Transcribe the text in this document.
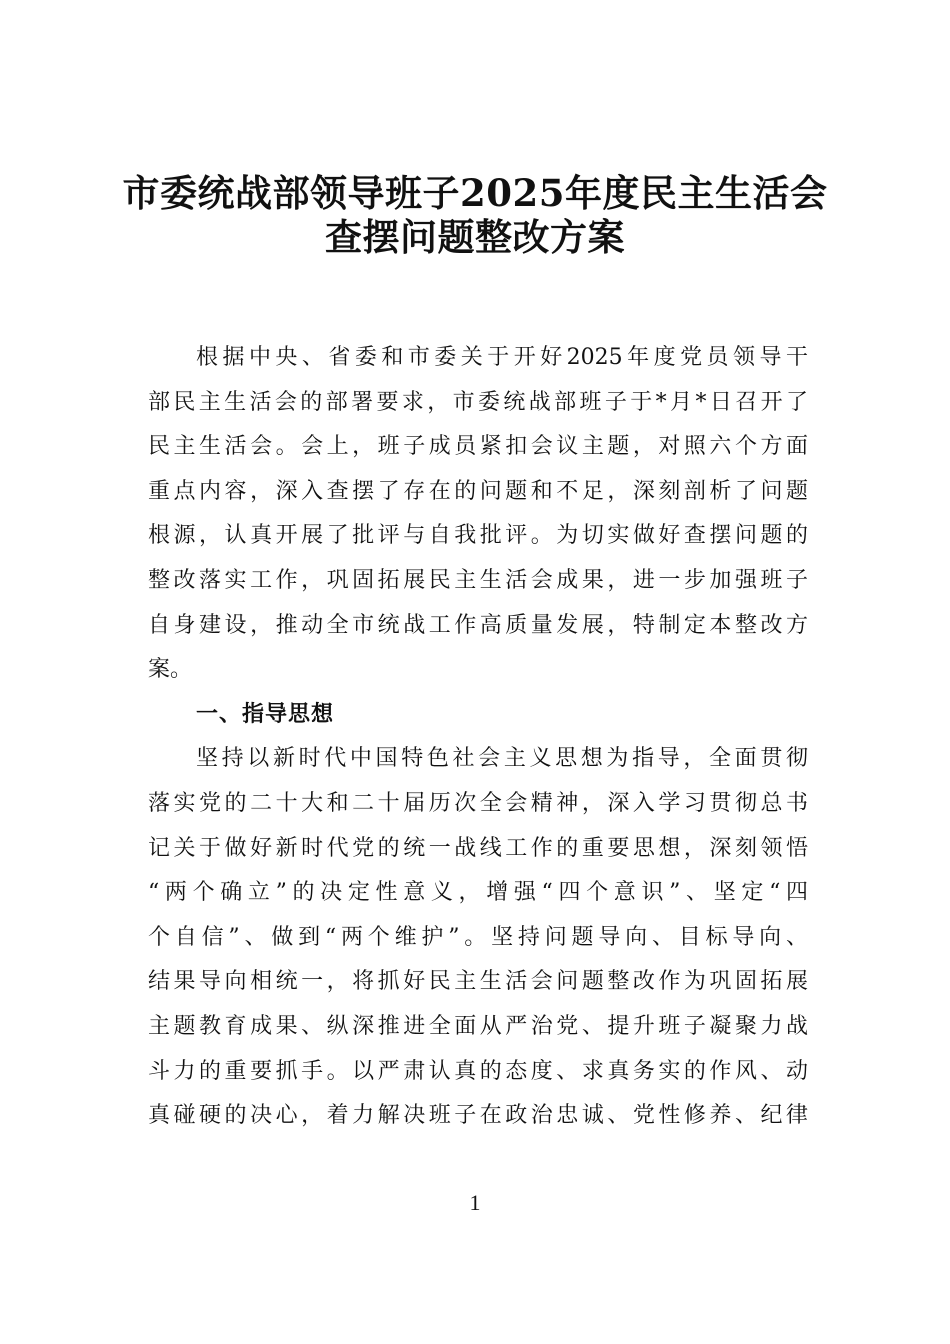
市委统战部领导班子2025年度民主生活会
查摆问题整改方案
根据中央、省委和市委关于开好2025年度党员领导干
部民主生活会的部署要求，市委统战部班子于*月*日召开了
民主生活会。会上，班子成员紧扣会议主题，对照六个方面
重点内容，深入查摆了存在的问题和不足，深刻剖析了问题
根源，认真开展了批评与自我批评。为切实做好查摆问题的
整改落实工作，巩固拓展民主生活会成果，进一步加强班子
自身建设，推动全市统战工作高质量发展，特制定本整改方
案。
一、指导思想
坚持以新时代中国特色社会主义思想为指导，全面贯彻
落实党的二十大和二十届历次全会精神，深入学习贯彻总书
记关于做好新时代党的统一战线工作的重要思想，深刻领悟
“两个确立”的决定性意义，增强“四个意识”、坚定“四
个自信”、做到“两个维护”。坚持问题导向、目标导向、
结果导向相统一，将抓好民主生活会问题整改作为巩固拓展
主题教育成果、纵深推进全面从严治党、提升班子凝聚力战
斗力的重要抓手。以严肃认真的态度、求真务实的作风、动
真碰硬的决心，着力解决班子在政治忠诚、党性修养、纪律
1
